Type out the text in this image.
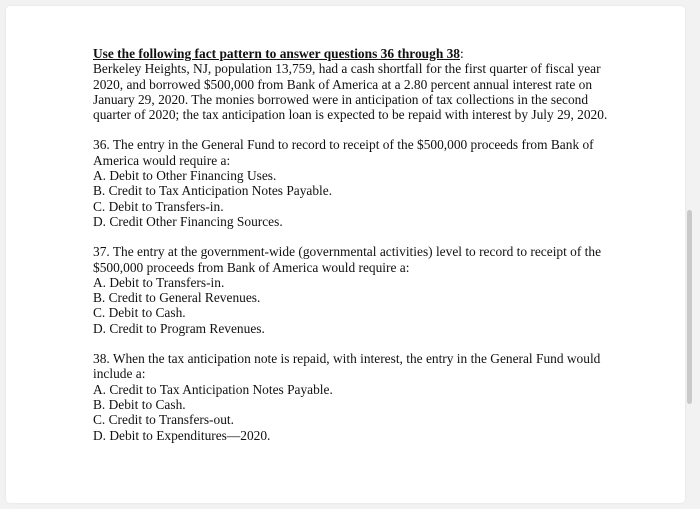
Use the following fact pattern to answer questions 36 through 38:
Berkeley Heights, NJ, population 13,759, had a cash shortfall for the first quarter of fiscal year
2020, and borrowed $500,000 from Bank of America at a 2.80 percent annual interest rate on
January 29, 2020. The monies borrowed were in anticipation of tax collections in the second
quarter of 2020; the tax anticipation loan is expected to be repaid with interest by July 29, 2020.
36. The entry in the General Fund to record to receipt of the $500,000 proceeds from Bank of
America would require a:
A. Debit to Other Financing Uses.
B. Credit to Tax Anticipation Notes Payable.
C. Debit to Transfers-in.
D. Credit Other Financing Sources.
37. The entry at the government-wide (governmental activities) level to record to receipt of the
$500,000 proceeds from Bank of America would require a:
A. Debit to Transfers-in.
B. Credit to General Revenues.
C. Debit to Cash.
D. Credit to Program Revenues.
38. When the tax anticipation note is repaid, with interest, the entry in the General Fund would
include a:
A. Credit to Tax Anticipation Notes Payable.
B. Debit to Cash.
C. Credit to Transfers-out.
D. Debit to Expenditures—2020.
